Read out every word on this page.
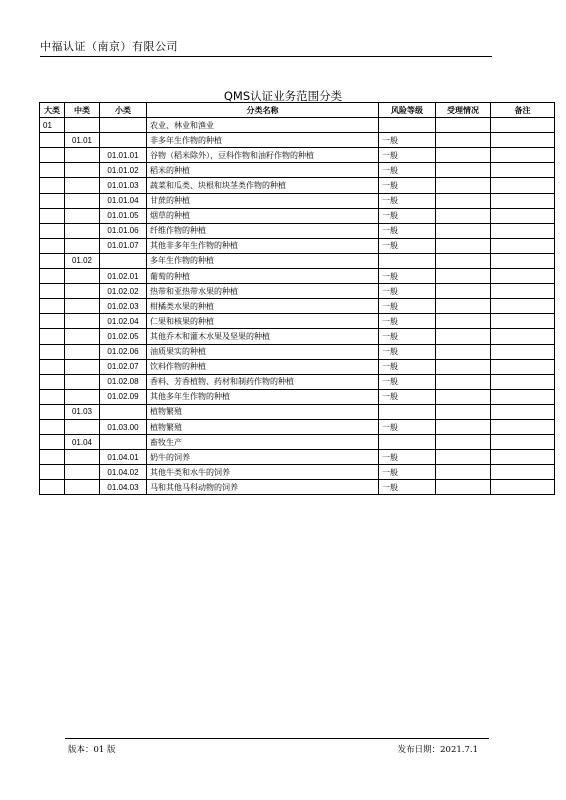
中福认证（南京）有限公司
QMS认证业务范围分类
大类	中类	小类	分类名称	风险等级	受理情况	备注
01			农业、林业和渔业			
	01.01		非多年生作物的种植	一般		
		01.01.01	谷物（稻米除外），豆科作物和油籽作物的种植	一般		
		01.01.02	稻米的种植	一般		
		01.01.03	蔬菜和瓜类、块根和块茎类作物的种植	一般		
		01.01.04	甘蔗的种植	一般		
		01.01.05	烟草的种植	一般		
		01.01.06	纤维作物的种植	一般		
		01.01.07	其他非多年生作物的种植	一般		
	01.02		多年生作物的种植			
		01.02.01	葡萄的种植	一般		
		01.02.02	热带和亚热带水果的种植	一般		
		01.02.03	柑橘类水果的种植	一般		
		01.02.04	仁果和核果的种植	一般		
		01.02.05	其他乔木和灌木水果及坚果的种植	一般		
		01.02.06	油质果实的种植	一般		
		01.02.07	饮料作物的种植	一般		
		01.02.08	香料、芳香植物、药材和制药作物的种植	一般		
		01.02.09	其他多年生作物的种植	一般		
	01.03		植物繁殖			
		01.03.00	植物繁殖	一般		
	01.04		畜牧生产			
		01.04.01	奶牛的饲养	一般		
		01.04.02	其他牛类和水牛的饲养	一般		
		01.04.03	马和其他马科动物的饲养	一般		
版本：01 版	发布日期：2021.7.1
